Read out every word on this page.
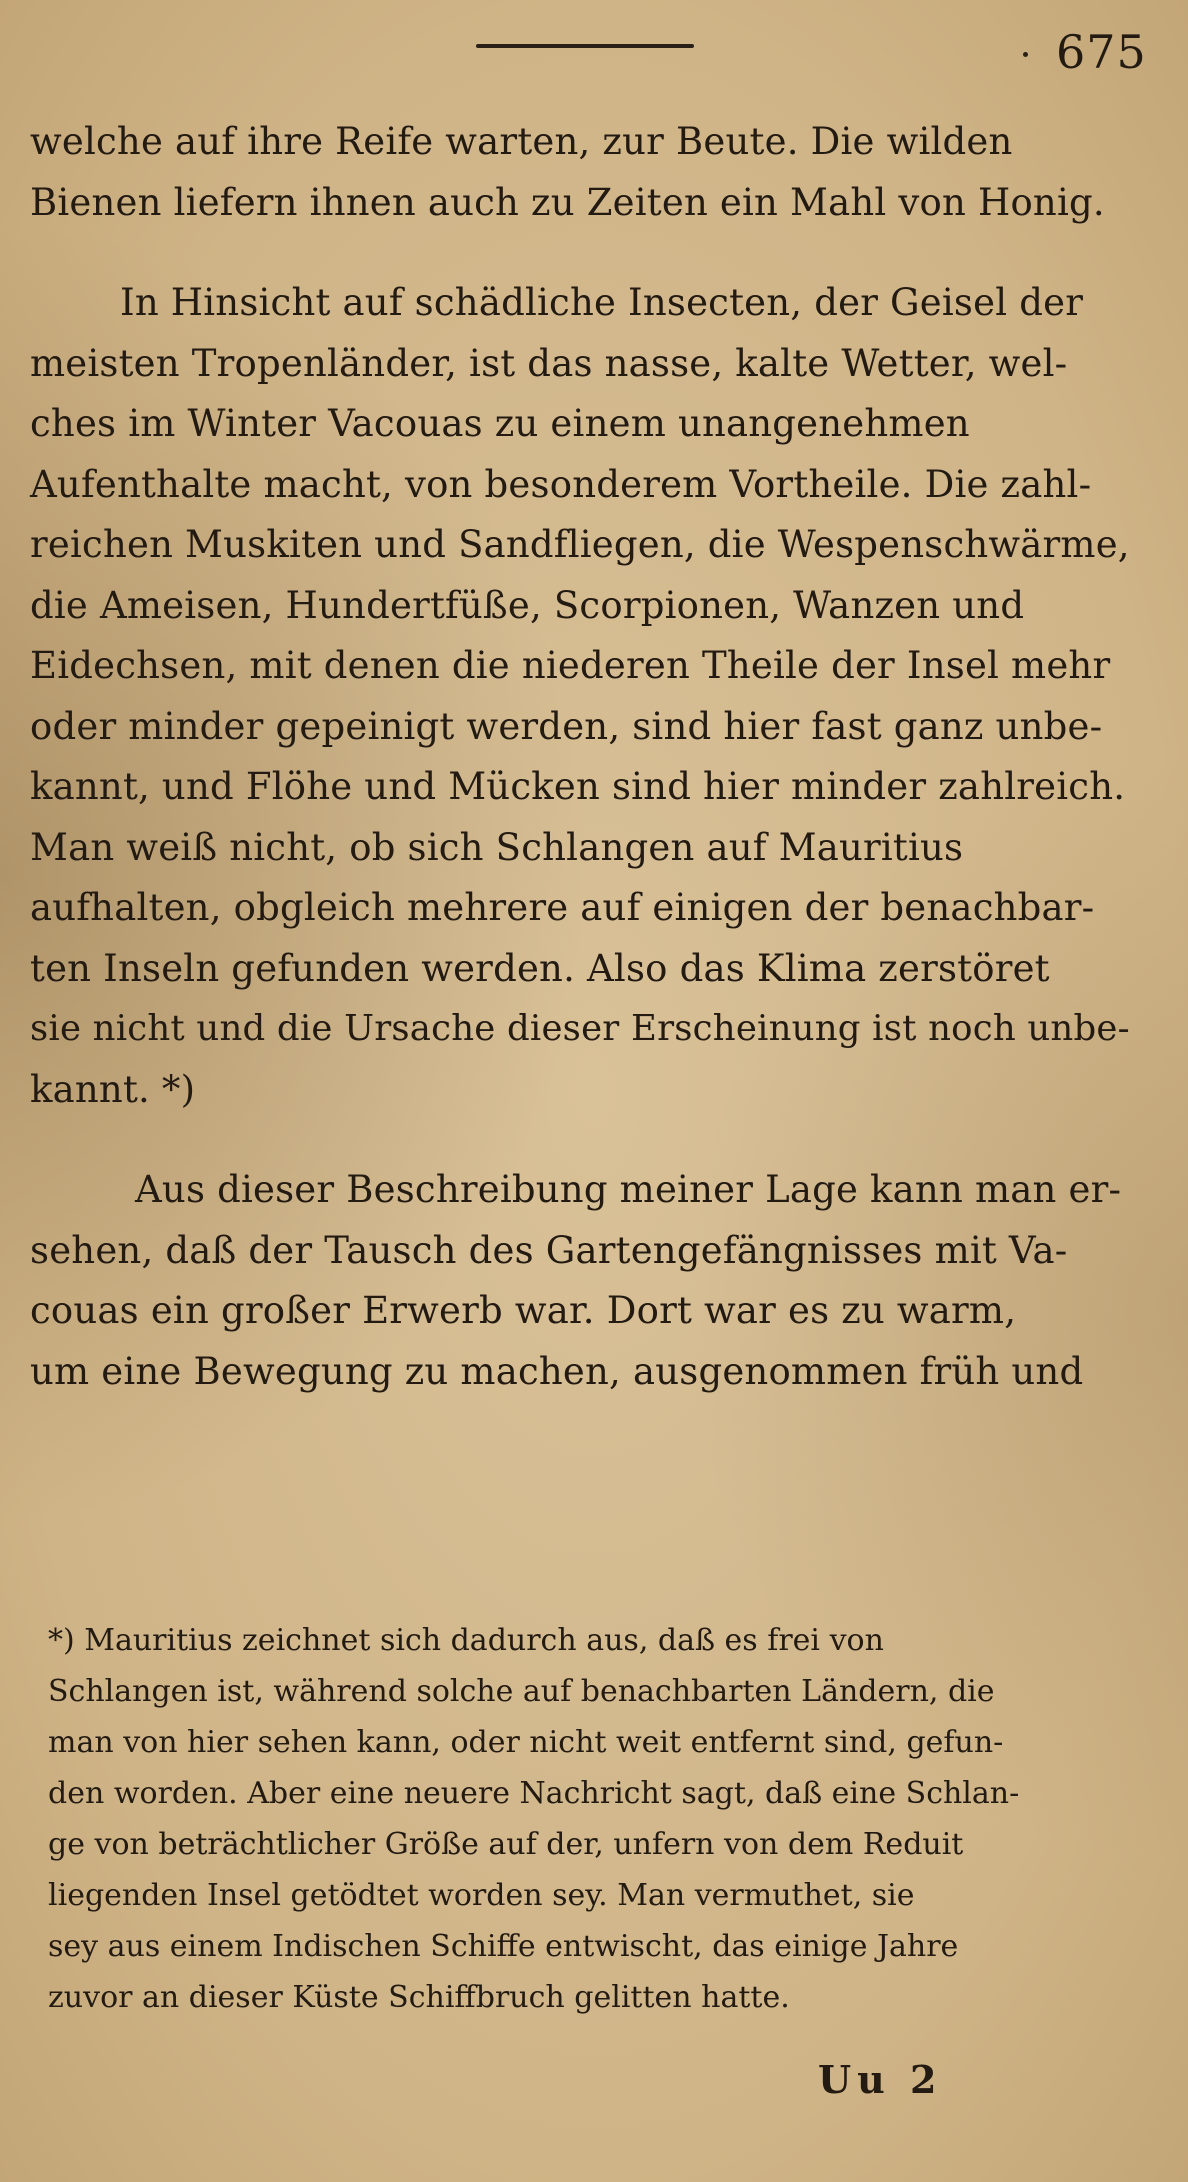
675
welche auf ihre Reife warten, zur Beute. Die wilden
Bienen liefern ihnen auch zu Zeiten ein Mahl von Honig.
In Hinsicht auf schädliche Insecten, der Geisel der
meisten Tropenländer, ist das nasse, kalte Wetter, wel-
ches im Winter Vacouas zu einem unangenehmen
Aufenthalte macht, von besonderem Vortheile. Die zahl-
reichen Muskiten und Sandfliegen, die Wespenschwärme,
die Ameisen, Hundertfüße, Scorpionen, Wanzen und
Eidechsen, mit denen die niederen Theile der Insel mehr
oder minder gepeinigt werden, sind hier fast ganz unbe-
kannt, und Flöhe und Mücken sind hier minder zahlreich.
Man weiß nicht, ob sich Schlangen auf Mauritius
aufhalten, obgleich mehrere auf einigen der benachbar-
ten Inseln gefunden werden. Also das Klima zerstöret
sie nicht und die Ursache dieser Erscheinung ist noch unbe-
kannt. *)
Aus dieser Beschreibung meiner Lage kann man er-
sehen, daß der Tausch des Gartengefängnisses mit Va-
couas ein großer Erwerb war. Dort war es zu warm,
um eine Bewegung zu machen, ausgenommen früh und
*) Mauritius zeichnet sich dadurch aus, daß es frei von
Schlangen ist, während solche auf benachbarten Ländern, die
man von hier sehen kann, oder nicht weit entfernt sind, gefun-
den worden. Aber eine neuere Nachricht sagt, daß eine Schlan-
ge von beträchtlicher Größe auf der, unfern von dem Reduit
liegenden Insel getödtet worden sey. Man vermuthet, sie
sey aus einem Indischen Schiffe entwischt, das einige Jahre
zuvor an dieser Küste Schiffbruch gelitten hatte.
Uu 2
